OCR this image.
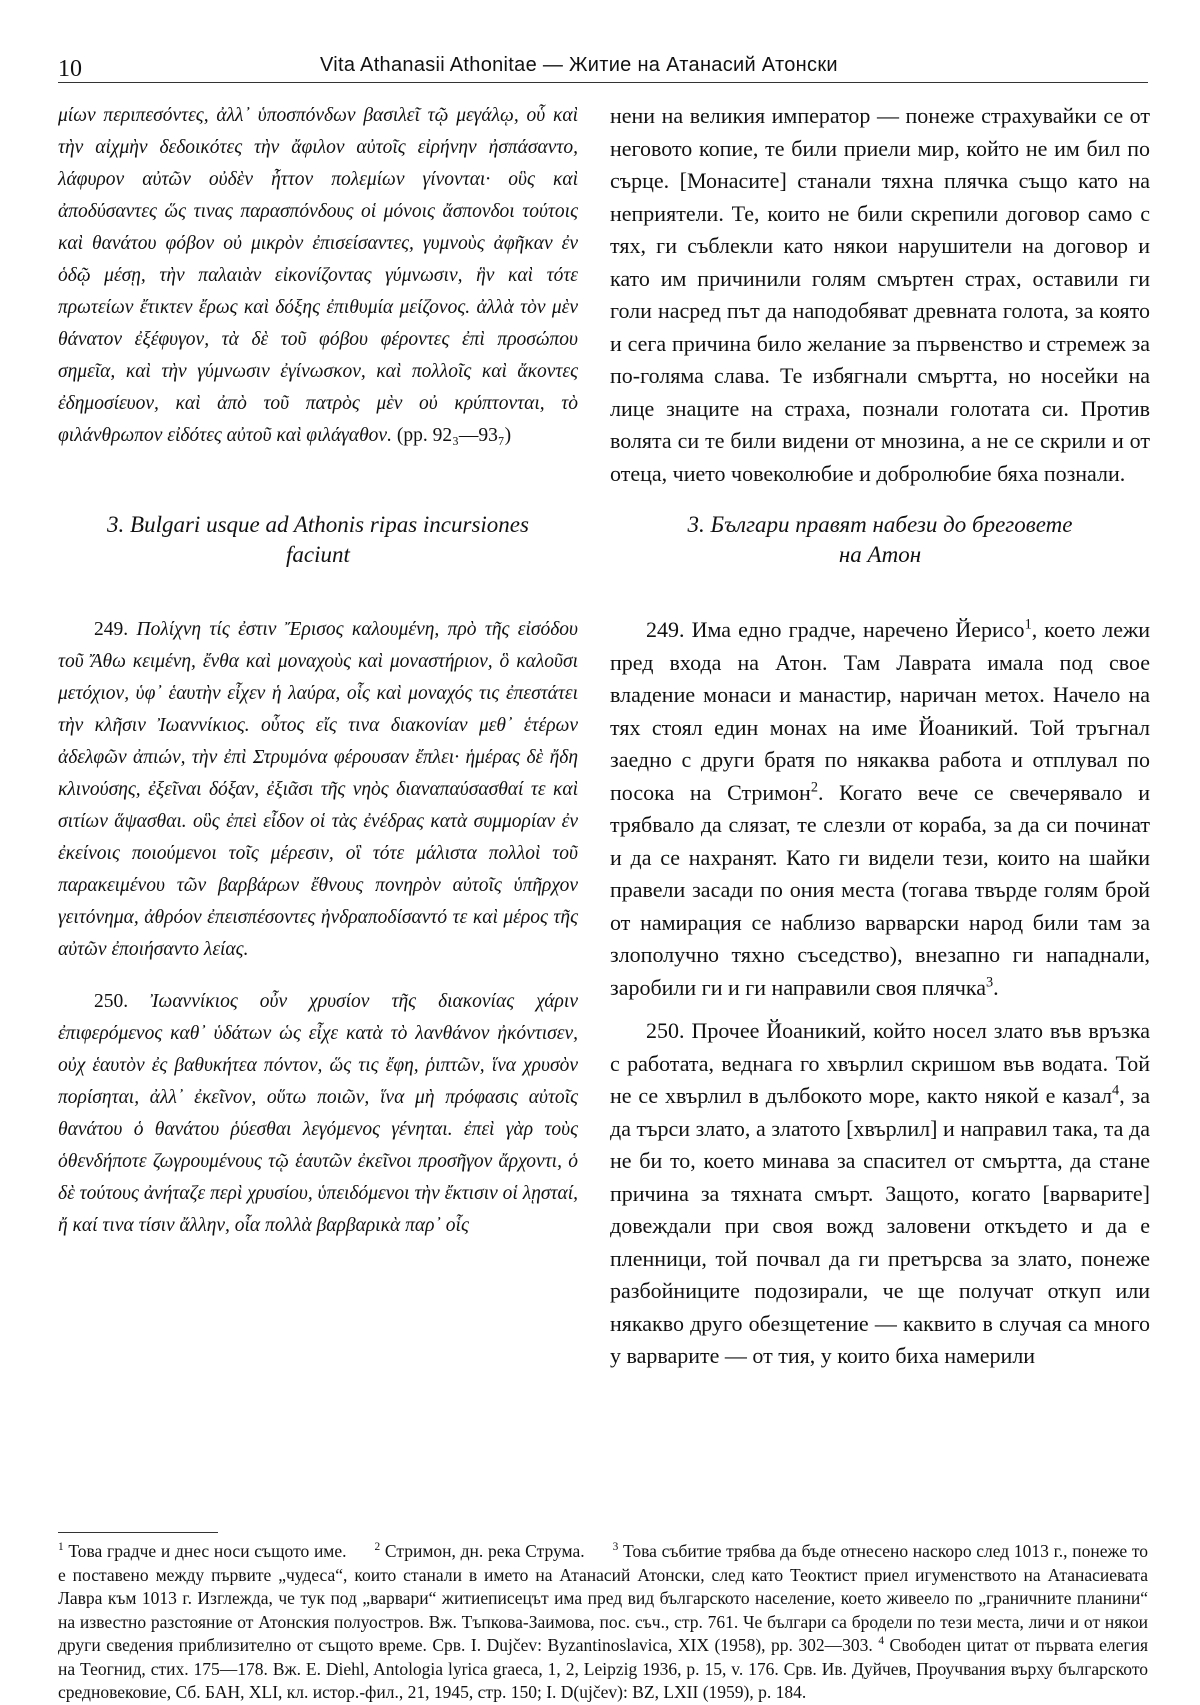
10	Vita Athanasii Athonitae — Житие на Атанасий Атонски

μίων περιπεσόντες, ἀλλ᾽ ὑποσπόνδων βασιλεῖ τῷ μεγάλῳ, οὗ καὶ τὴν αἰχμὴν δεδοικότες τὴν ἄφιλον αὐτοῖς εἰρήνην ἠσπάσαντο, λάφυρον αὐτῶν οὐδὲν ἧττον πολεμίων γίνονται· οὓς καὶ ἀποδύσαντες ὥς τινας παρασπόνδους οἱ μόνοις ἄσπονδοι τούτοις καὶ θανάτου φόβον οὐ μικρὸν ἐπισείσαντες, γυμνοὺς ἀφῆκαν ἐν ὁδῷ μέσῃ, τὴν παλαιὰν εἰκονίζοντας γύμνωσιν, ἣν καὶ τότε πρωτείων ἔτικτεν ἔρως καὶ δόξης ἐπιθυμία μείζονος. ἀλλὰ τὸν μὲν θάνατον ἐξέφυγον, τὰ δὲ τοῦ φόβου φέροντες ἐπὶ προσώπου σημεῖα, καὶ τὴν γύμνωσιν ἐγίνωσκον, καὶ πολλοῖς καὶ ἄκοντες ἐδημοσίευον, καὶ ἀπὸ τοῦ πατρὸς μὲν οὐ κρύπτονται, τὸ φιλάνθρωπον εἰδότες αὐτοῦ καὶ φιλάγαθον. (pp. 92₃—93₇)

3. Bulgari usque ad Athonis ripas incursiones

faciunt

249. Πολίχνη τίς ἐστιν Ἔρισος καλουμένη, πρὸ τῆς εἰσόδου τοῦ Ἄθω κειμένη, ἔνθα καὶ μοναχοὺς καὶ μοναστήριον, ὃ καλοῦσι μετόχιον, ὑφ᾽ ἑαυτὴν εἶχεν ἡ λαύρα, οἷς καὶ μοναχός τις ἐπεστάτει τὴν κλῆσιν Ἰωαννίκιος. οὗτος εἴς τινα διακονίαν μεθ᾽ ἑτέρων ἀδελφῶν ἀπιών, τὴν ἐπὶ Στρυμόνα φέρουσαν ἔπλει· ἡμέρας δὲ ἤδη κλινούσης, ἐξεῖναι δόξαν, ἐξιᾶσι τῆς νηὸς διαναπαύσασθαί τε καὶ σιτίων ἅψασθαι. οὓς ἐπεὶ εἶδον οἱ τὰς ἐνέδρας κατὰ συμμορίαν ἐν ἐκείνοις ποιούμενοι τοῖς μέρεσιν, οἳ τότε μάλιστα πολλοὶ τοῦ παρακειμένου τῶν βαρβάρων ἔθνους πονηρὸν αὐτοῖς ὑπῆρχον γειτόνημα, ἀθρόον ἐπεισπέσοντες ἠνδραποδίσαντό τε καὶ μέρος τῆς αὐτῶν ἐποιήσαντο λείας.

250. Ἰωαννίκιος οὖν χρυσίον τῆς διακονίας χάριν ἐπιφερόμενος καθ᾽ ὑδάτων ὡς εἶχε κατὰ τὸ λανθάνον ἠκόντισεν, οὐχ ἑαυτὸν ἐς βαθυκήτεα πόντον, ὥς τις ἔφη, ῥιπτῶν, ἵνα χρυσὸν πορίσηται, ἀλλ᾽ ἐκεῖνον, οὕτω ποιῶν, ἵνα μὴ πρόφασις αὐτοῖς θανάτου ὁ θανάτου ῥύεσθαι λεγόμενος γένηται. ἐπεὶ γὰρ τοὺς ὁθενδήποτε ζωγρουμένους τῷ ἑαυτῶν ἐκεῖνοι προσῆγον ἄρχοντι, ὁ δὲ τούτους ἀνήταζε περὶ χρυσίου, ὑπειδόμενοι τὴν ἔκτισιν οἱ λῃσταί, ἤ καί τινα τίσιν ἄλλην, οἷα πολλὰ βαρβαρικὰ παρ᾽ οἷς

нени на великия император — понеже страхувайки се от неговото копие, те били приели мир, който не им бил по сърце. [Монасите] станали тяхна плячка също като на неприятели. Те, които не били скрепили договор само с тях, ги съблекли като някои нарушители на договор и като им причинили голям смъртен страх, оставили ги голи насред път да наподобяват древната голота, за която и сега причина било желание за първенство и стремеж за по-голяма слава. Те избягнали смъртта, но носейки на лице знаците на страха, познали голотата си. Против волята си те били видени от мнозина, а не се скрили и от отеца, чието човеколюбие и добролюбие бяха познали.

3. Българи правят набези до бреговете

на Атон

249. Има едно градче, наречено Йерисо$^1$, което лежи пред входа на Атон. Там Лаврата имала под свое владение монаси и манастир, наричан метох. Начело на тях стоял един монах на име Йоаникий. Той тръгнал заедно с други братя по някаква работа и отплувал по посока на Стримон$^2$. Когато вече се свечерявало и трябвало да слязат, те слезли от кораба, за да си починат и да се нахранят. Като ги видели тези, които на шайки правели засади по ония места (тогава твърде голям брой от намирация се наблизо варварски народ били там за злополучно тяхно съседство), внезапно ги нападнали, заробили ги и ги направили своя плячка$^3$.

250. Прочее Йоаникий, който носел злато във връзка с работата, веднага го хвърлил скришом във водата. Той не се хвърлил в дълбокото море, както някой е казал$^4$, за да търси злато, а златото [хвърлил] и направил така, та да не би то, което минава за спасител от смъртта, да стане причина за тяхната смърт. Защото, когато [варварите] довеждали при своя вожд заловени откъдето и да е пленници, той почвал да ги претърсва за злато, понеже разбойниците подозирали, че ще получат откуп или някакво друго обезщетение — каквито в случая са много у варварите — от тия, у които биха намерили

$^1$ Това градче и днес носи същото име. $^2$ Стримон, дн. река Струма. $^3$ Това събитие трябва да бъде отнесено наскоро след 1013 г., понеже то е поставено между първите „чудеса“, които станали в името на Атанасий Атонски, след като Теоктист приел игуменството на Атанасиевата Лавра към 1013 г. Изглежда, че тук под „варвари“ житиеписецът има пред вид българското население, което живеело по „граничните планини“ на известно разстояние от Атонския полуостров. Вж. Тъпкова-Заимова, пос. съч., стр. 761. Че българи са бродели по тези места, личи и от някои други сведения приблизително от същото време. Срв. I. Dujčev: Byzantinoslavica, XIX (1958), pp. 302—303. $^4$ Свободен цитат от първата елегия на Теогнид, стих. 175—178. Вж. E. Diehl, Antologia lyrica graeca, 1, 2, Leipzig 1936, p. 15, v. 176. Срв. Ив. Дуйчев, Проучвания върху българското средновековие, Сб. БАН, XLI, кл. истор.-фил., 21, 1945, стр. 150; I. D(ujčev): BZ, LXII (1959), p. 184.
